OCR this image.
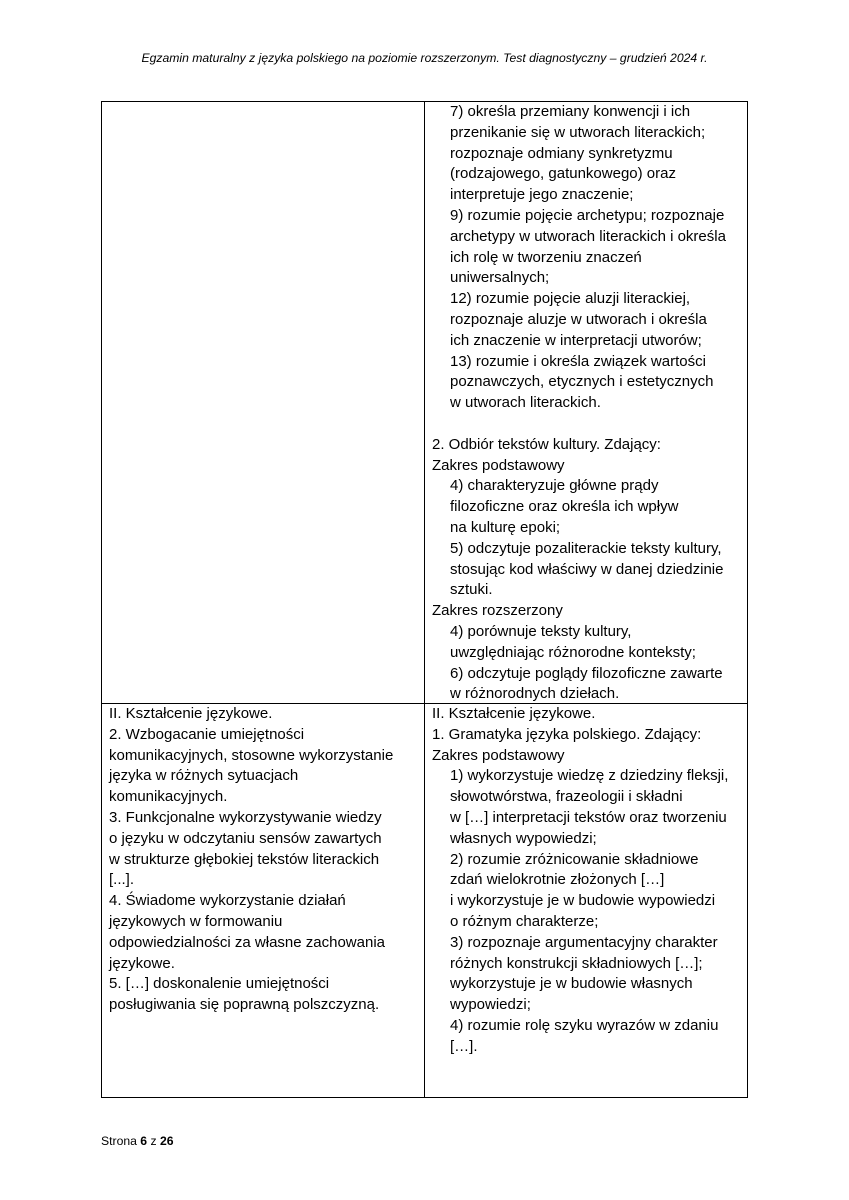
Egzamin maturalny z języka polskiego na poziomie rozszerzonym. Test diagnostyczny – grudzień 2024 r.
7) określa przemiany konwencji i ich
przenikanie się w utworach literackich;
rozpoznaje odmiany synkretyzmu
(rodzajowego, gatunkowego) oraz
interpretuje jego znaczenie;
9) rozumie pojęcie archetypu; rozpoznaje
archetypy w utworach literackich i określa
ich rolę w tworzeniu znaczeń
uniwersalnych;
12) rozumie pojęcie aluzji literackiej,
rozpoznaje aluzje w utworach i określa
ich znaczenie w interpretacji utworów;
13) rozumie i określa związek wartości
poznawczych, etycznych i estetycznych
w utworach literackich.
2. Odbiór tekstów kultury. Zdający:
Zakres podstawowy
4) charakteryzuje główne prądy
filozoficzne oraz określa ich wpływ
na kulturę epoki;
5) odczytuje pozaliterackie teksty kultury,
stosując kod właściwy w danej dziedzinie
sztuki.
Zakres rozszerzony
4) porównuje teksty kultury,
uwzględniając różnorodne konteksty;
6) odczytuje poglądy filozoficzne zawarte
w różnorodnych dziełach.
II. Kształcenie językowe.
2. Wzbogacanie umiejętności
komunikacyjnych, stosowne wykorzystanie
języka w różnych sytuacjach
komunikacyjnych.
3. Funkcjonalne wykorzystywanie wiedzy
o języku w odczytaniu sensów zawartych
w strukturze głębokiej tekstów literackich
[...].
4. Świadome wykorzystanie działań
językowych w formowaniu
odpowiedzialności za własne zachowania
językowe.
5. […] doskonalenie umiejętności
posługiwania się poprawną polszczyzną.
II. Kształcenie językowe.
1. Gramatyka języka polskiego. Zdający:
Zakres podstawowy
1) wykorzystuje wiedzę z dziedziny fleksji,
słowotwórstwa, frazeologii i składni
w […] interpretacji tekstów oraz tworzeniu
własnych wypowiedzi;
2) rozumie zróżnicowanie składniowe
zdań wielokrotnie złożonych […]
i wykorzystuje je w budowie wypowiedzi
o różnym charakterze;
3) rozpoznaje argumentacyjny charakter
różnych konstrukcji składniowych […];
wykorzystuje je w budowie własnych
wypowiedzi;
4) rozumie rolę szyku wyrazów w zdaniu
[…].
Strona 6 z 26
